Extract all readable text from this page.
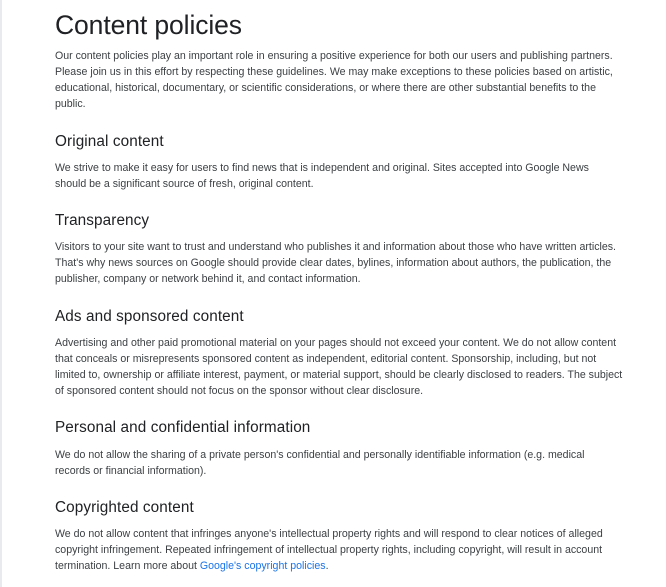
Content policies

Our content policies play an important role in ensuring a positive experience for both our users and publishing partners. Please join us in this effort by respecting these guidelines. We may make exceptions to these policies based on artistic, educational, historical, documentary, or scientific considerations, or where there are other substantial benefits to the public.

Original content

We strive to make it easy for users to find news that is independent and original. Sites accepted into Google News should be a significant source of fresh, original content.

Transparency

Visitors to your site want to trust and understand who publishes it and information about those who have written articles. That's why news sources on Google should provide clear dates, bylines, information about authors, the publication, the publisher, company or network behind it, and contact information.

Ads and sponsored content

Advertising and other paid promotional material on your pages should not exceed your content. We do not allow content that conceals or misrepresents sponsored content as independent, editorial content. Sponsorship, including, but not limited to, ownership or affiliate interest, payment, or material support, should be clearly disclosed to readers. The subject of sponsored content should not focus on the sponsor without clear disclosure.

Personal and confidential information

We do not allow the sharing of a private person's confidential and personally identifiable information (e.g. medical records or financial information).

Copyrighted content

We do not allow content that infringes anyone's intellectual property rights and will respond to clear notices of alleged copyright infringement. Repeated infringement of intellectual property rights, including copyright, will result in account termination. Learn more about Google's copyright policies.
